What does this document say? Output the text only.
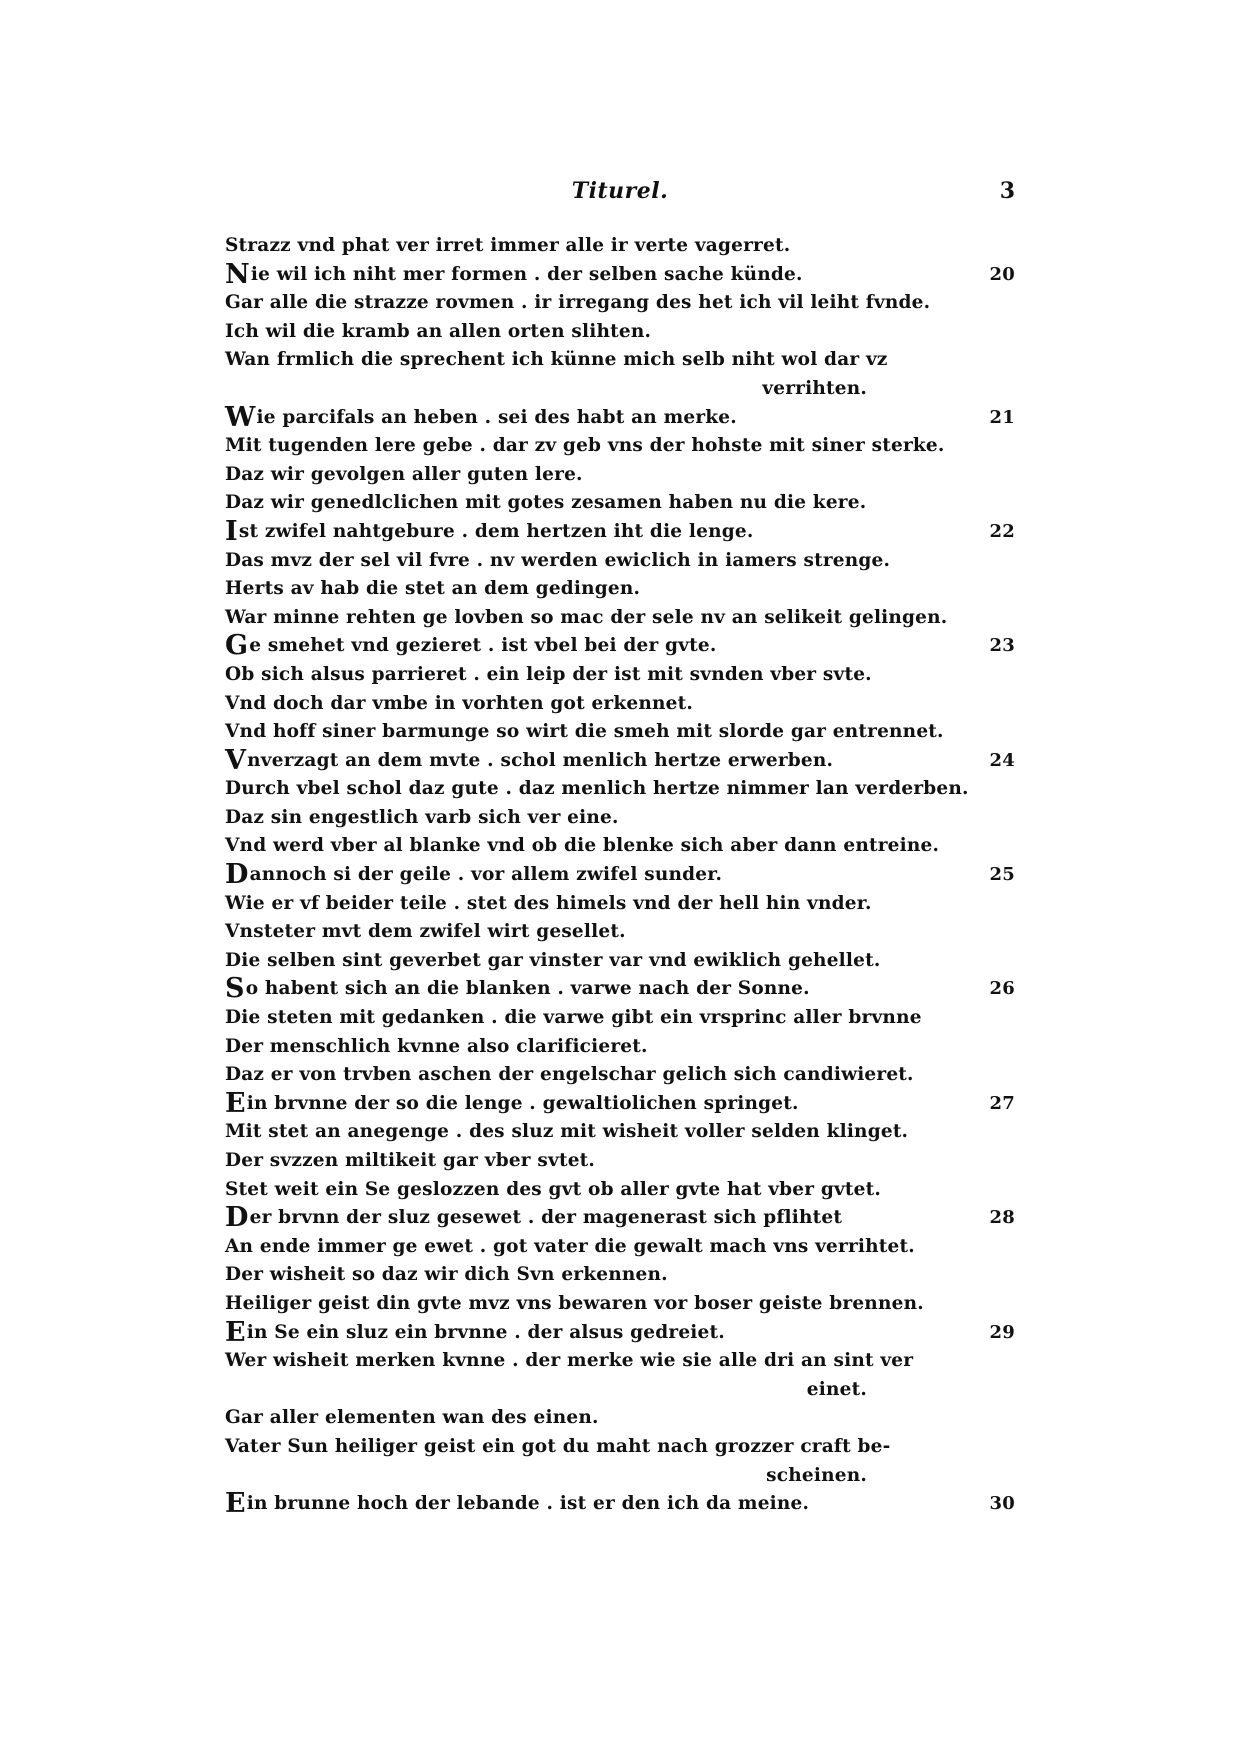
Titurel.	3
Strazz vnd phat ver irret immer alle ir verte vagerret.
Nie wil ich niht mer formen . der selben sache künde.	20
Gar alle die strazze rovmen . ir irregang des het ich vil leiht fvnde.
Ich wil die kramb an allen orten slihten.
Wan frmlich die sprechent ich künne mich selb niht wol dar vz
verrihten.
Wie parcifals an heben . sei des habt an merke.	21
Mit tugenden lere gebe . dar zv geb vns der hohste mit siner sterke.
Daz wir gevolgen aller guten lere.
Daz wir genedlclichen mit gotes zesamen haben nu die kere.
Ist zwifel nahtgebure . dem hertzen iht die lenge.	22
Das mvz der sel vil fvre . nv werden ewiclich in iamers strenge.
Herts av hab die stet an dem gedingen.
War minne rehten ge lovben so mac der sele nv an selikeit gelingen.
Ge smehet vnd gezieret . ist vbel bei der gvte.	23
Ob sich alsus parrieret . ein leip der ist mit svnden vber svte.
Vnd doch dar vmbe in vorhten got erkennet.
Vnd hoff siner barmunge so wirt die smeh mit slorde gar entrennet.
Vnverzagt an dem mvte . schol menlich hertze erwerben.	24
Durch vbel schol daz gute . daz menlich hertze nimmer lan verderben.
Daz sin engestlich varb sich ver eine.
Vnd werd vber al blanke vnd ob die blenke sich aber dann entreine.
Dannoch si der geile . vor allem zwifel sunder.	25
Wie er vf beider teile . stet des himels vnd der hell hin vnder.
Vnsteter mvt dem zwifel wirt gesellet.
Die selben sint geverbet gar vinster var vnd ewiklich gehellet.
So habent sich an die blanken . varwe nach der Sonne.	26
Die steten mit gedanken . die varwe gibt ein vrsprinc aller brvnne
Der menschlich kvnne also clarificieret.
Daz er von trvben aschen der engelschar gelich sich candiwieret.
Ein brvnne der so die lenge . gewaltiolichen springet.	27
Mit stet an anegenge . des sluz mit wisheit voller selden klinget.
Der svzzen miltikeit gar vber svtet.
Stet weit ein Se geslozzen des gvt ob aller gvte hat vber gvtet.
Der brvnn der sluz gesewet . der magenerast sich pflihtet	28
An ende immer ge ewet . got vater die gewalt mach vns verrihtet.
Der wisheit so daz wir dich Svn erkennen.
Heiliger geist din gvte mvz vns bewaren vor boser geiste brennen.
Ein Se ein sluz ein brvnne . der alsus gedreiet.	29
Wer wisheit merken kvnne . der merke wie sie alle dri an sint ver
einet.
Gar aller elementen wan des einen.
Vater Sun heiliger geist ein got du maht nach grozzer craft be-
scheinen.
Ein brunne hoch der lebande . ist er den ich da meine.	30
